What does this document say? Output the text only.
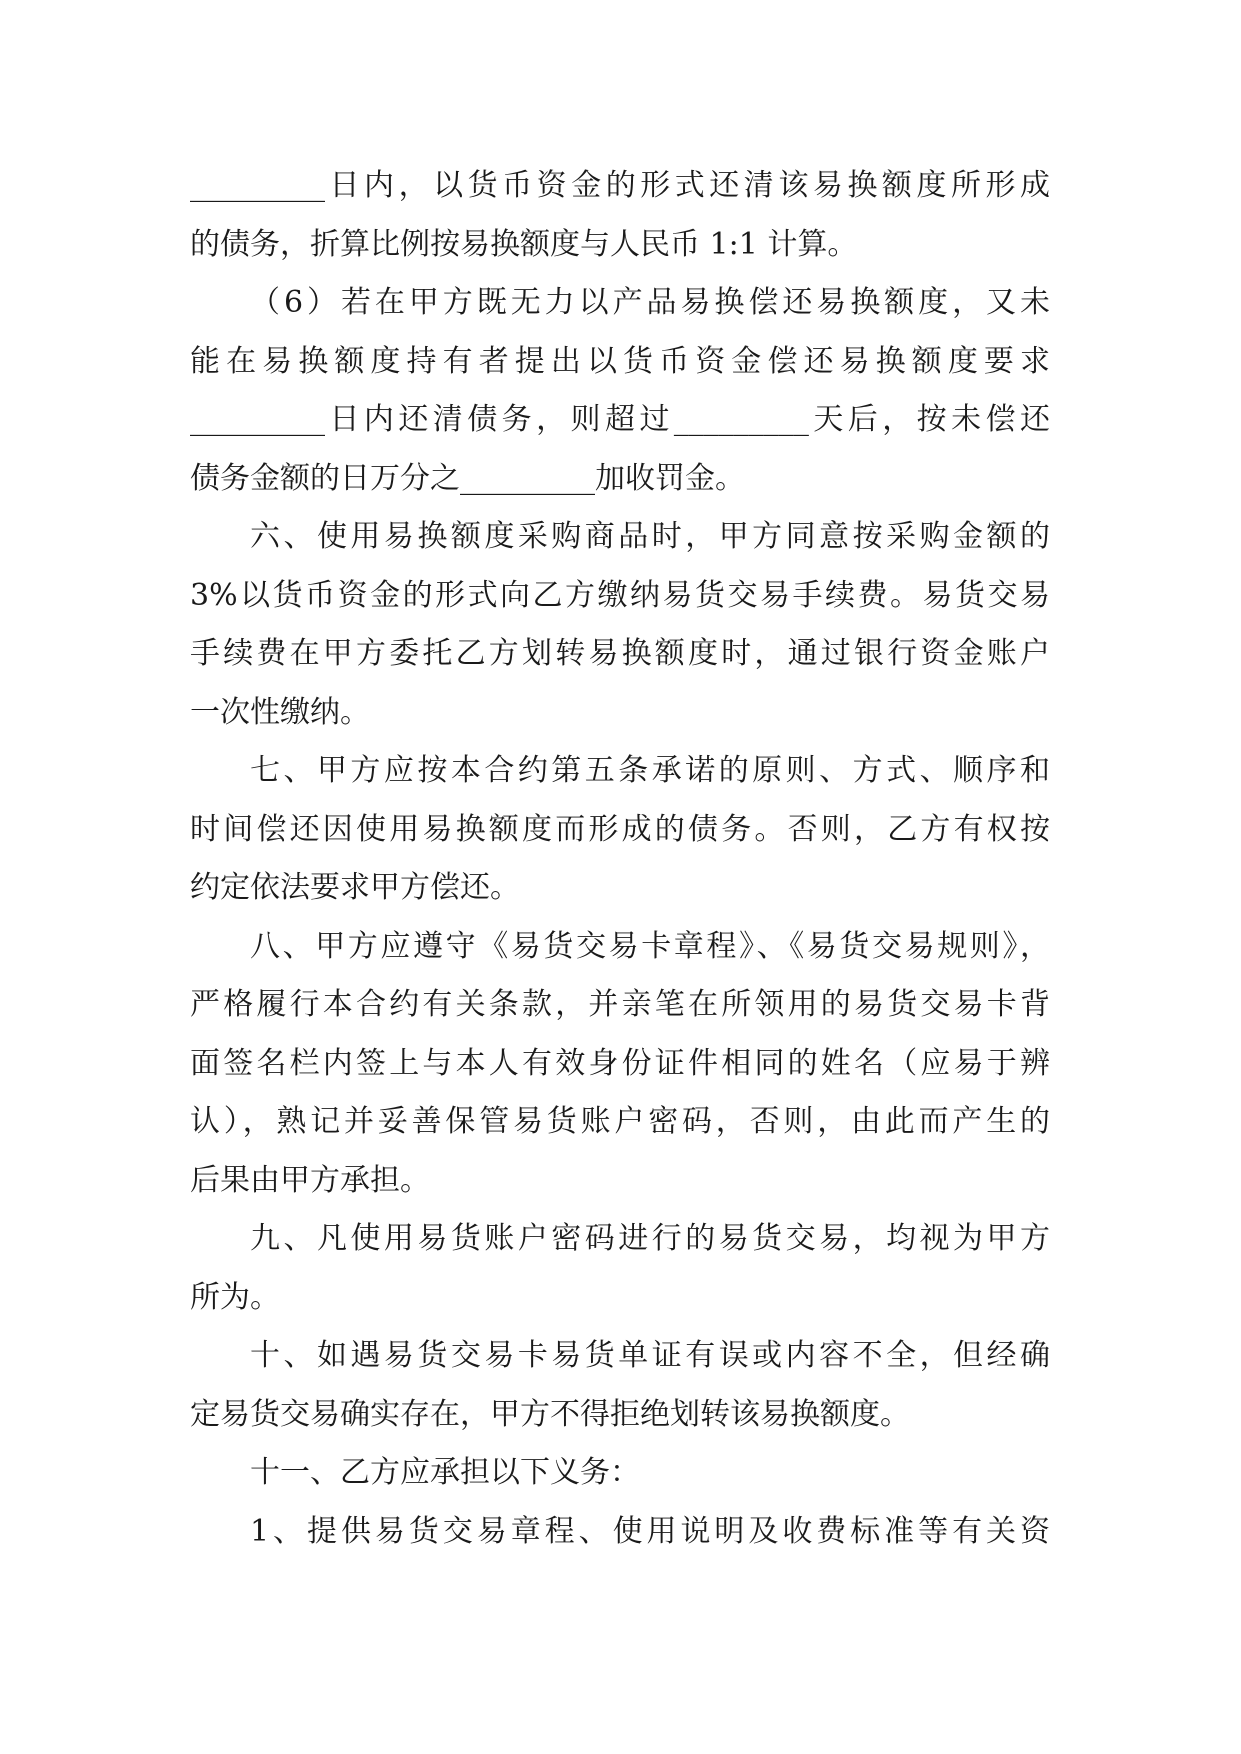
_________日内，以货币资金的形式还清该易换额度所形成
的债务，折算比例按易换额度与人民币 1:1 计算。
（6）若在甲方既无力以产品易换偿还易换额度，又未
能在易换额度持有者提出以货币资金偿还易换额度要求
_________日内还清债务，则超过_________天后，按未偿还
债务金额的日万分之_________加收罚金。
六、使用易换额度采购商品时，甲方同意按采购金额的
3%以货币资金的形式向乙方缴纳易货交易手续费。易货交易
手续费在甲方委托乙方划转易换额度时，通过银行资金账户
一次性缴纳。
七、甲方应按本合约第五条承诺的原则、方式、顺序和
时间偿还因使用易换额度而形成的债务。否则，乙方有权按
约定依法要求甲方偿还。
八、甲方应遵守《易货交易卡章程》、《易货交易规则》，
严格履行本合约有关条款，并亲笔在所领用的易货交易卡背
面签名栏内签上与本人有效身份证件相同的姓名（应易于辨
认），熟记并妥善保管易货账户密码，否则，由此而产生的
后果由甲方承担。
九、凡使用易货账户密码进行的易货交易，均视为甲方
所为。
十、如遇易货交易卡易货单证有误或内容不全，但经确
定易货交易确实存在，甲方不得拒绝划转该易换额度。
十一、乙方应承担以下义务：
1、提供易货交易章程、使用说明及收费标准等有关资
